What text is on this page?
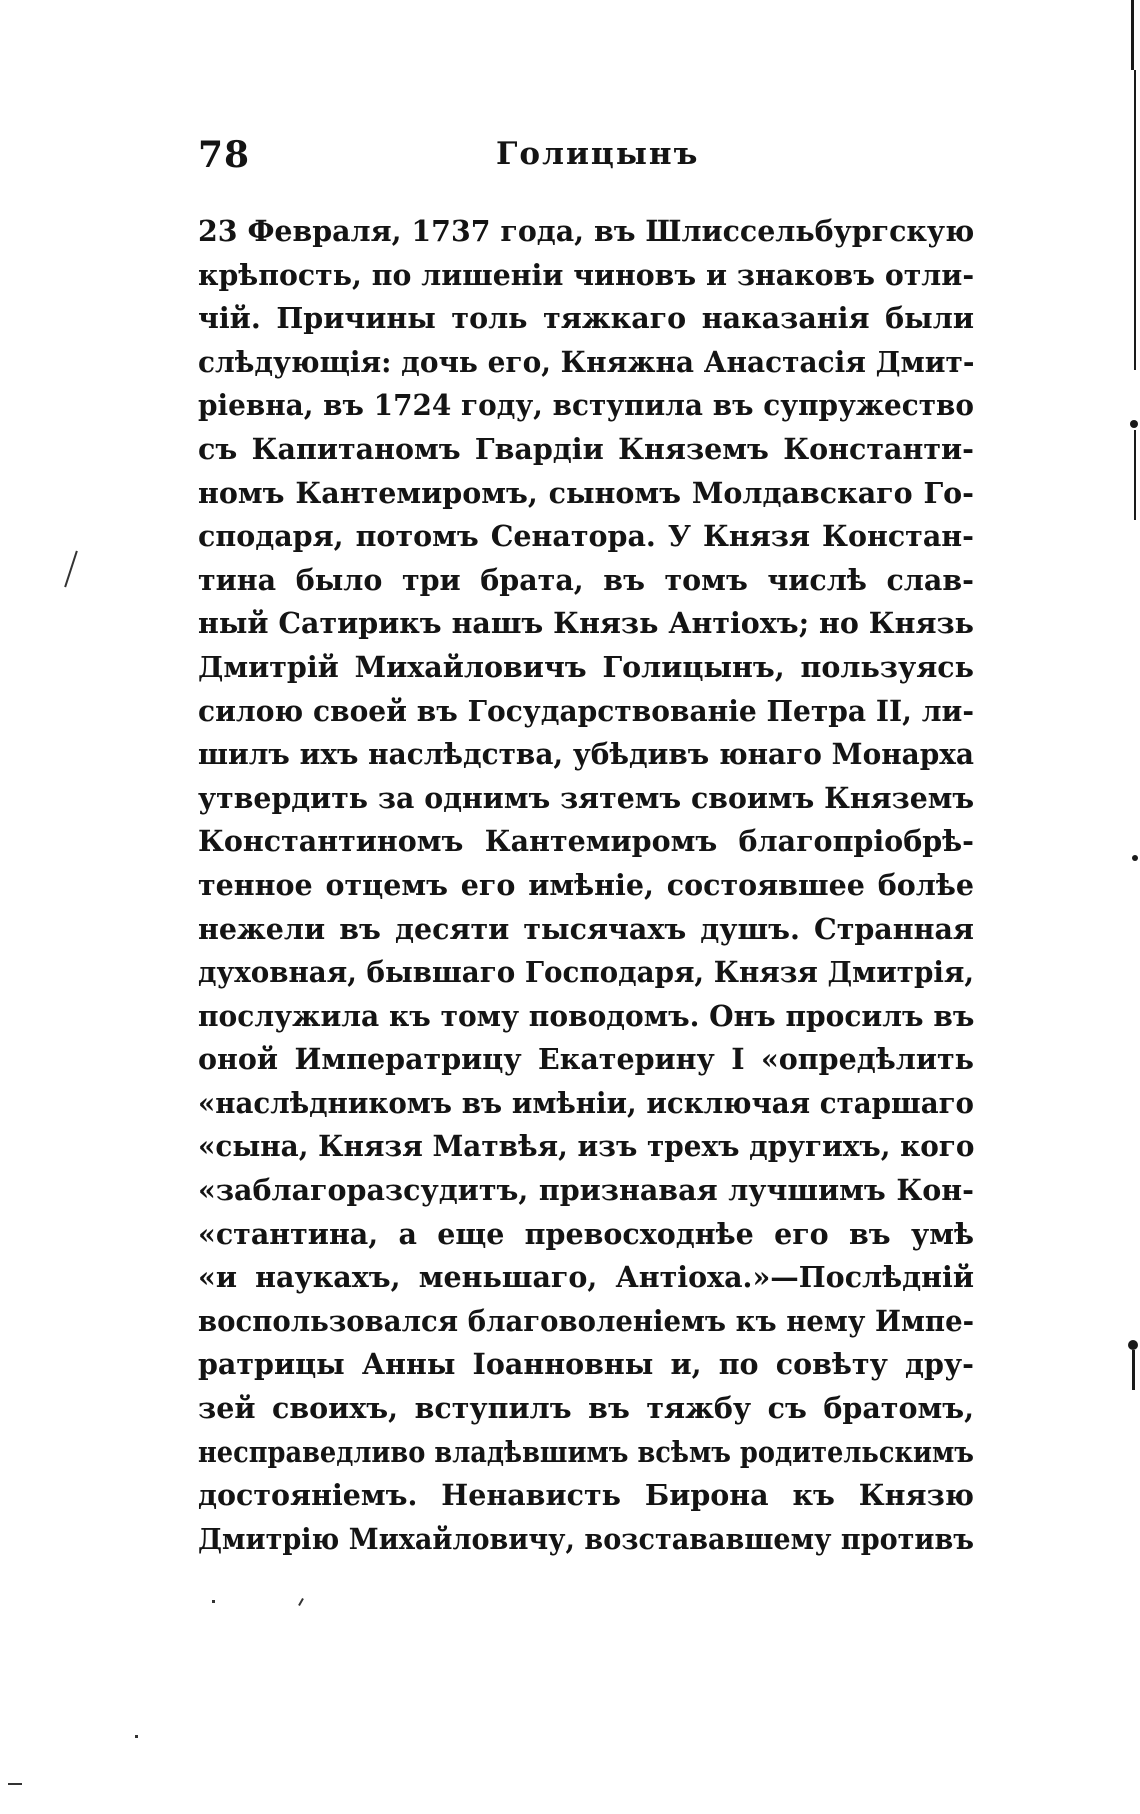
78	Голицынъ
23 Февраля, 1737 года, въ Шлиссельбургскую
крѣпость, по лишеніи чиновъ и знаковъ отли-
чій. Причины толь тяжкаго наказанія были
слѣдующія: дочь его, Княжна Анастасія Дмит-
ріевна, въ 1724 году, вступила въ супружество
съ Капитаномъ Гвардіи Княземъ Константи-
номъ Кантемиромъ, сыномъ Молдавскаго Го-
сподаря, потомъ Сенатора. У Князя Констан-
тина было три брата, въ томъ числѣ слав-
ный Сатирикъ нашъ Князь Антіохъ; но Князь
Дмитрій Михайловичъ Голицынъ, пользуясь
силою своей въ Государствованіе Петра II, ли-
шилъ ихъ наслѣдства, убѣдивъ юнаго Монарха
утвердить за однимъ зятемъ своимъ Княземъ
Константиномъ Кантемиромъ благопріобрѣ-
тенное отцемъ его имѣніе, состоявшее болѣе
нежели въ десяти тысячахъ душъ. Странная
духовная, бывшаго Господаря, Князя Дмитрія,
послужила къ тому поводомъ. Онъ просилъ въ
оной Императрицу Екатерину I «опредѣлить
«наслѣдникомъ въ имѣніи, исключая старшаго
«сына, Князя Матвѣя, изъ трехъ другихъ, кого
«заблагоразсудитъ, признавая лучшимъ Кон-
«стантина, а еще превосходнѣе его въ умѣ
«и наукахъ, меньшаго, Антіоха.»—Послѣдній
воспользовался благоволеніемъ къ нему Импе-
ратрицы Анны Іоанновны и, по совѣту дру-
зей своихъ, вступилъ въ тяжбу съ братомъ,
несправедливо владѣвшимъ всѣмъ родительскимъ
достояніемъ. Ненависть Бирона къ Князю
Дмитрію Михайловичу, возстававшему противъ
